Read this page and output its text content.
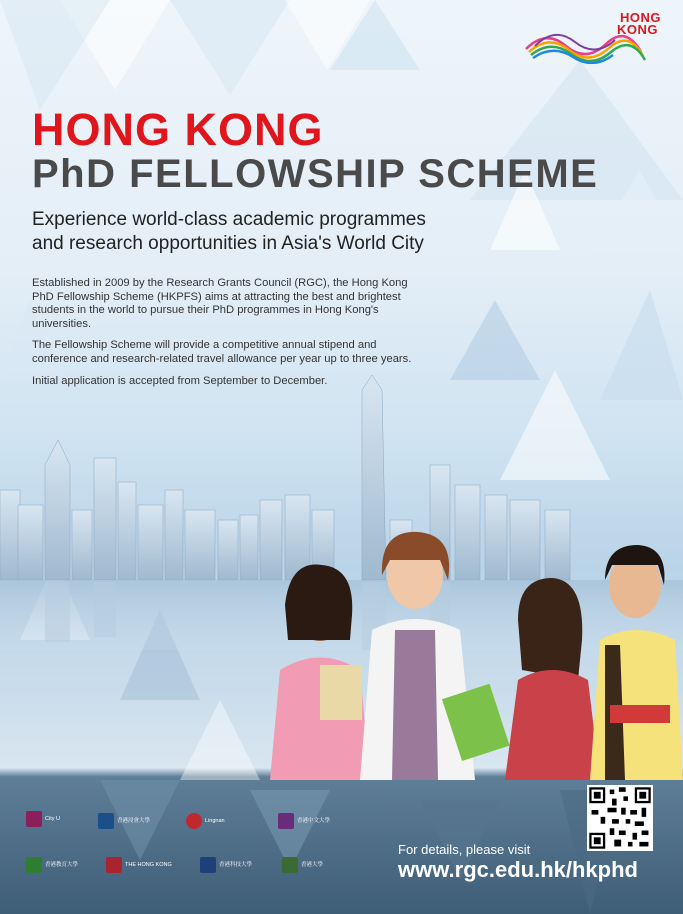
HONG
KONG
HONG KONG
PhD FELLOWSHIP SCHEME
Experience world-class academic programmes
and research opportunities in Asia's World City

Established in 2009 by the Research Grants Council (RGC), the Hong Kong PhD Fellowship Scheme (HKPFS) aims at attracting the best and brightest students in the world to pursue their PhD programmes in Hong Kong's universities.

The Fellowship Scheme will provide a competitive annual stipend and conference and research-related travel allowance per year up to three years.

Initial application is accepted from September to December.

City U	香港浸會大學	Lingnan	香港中文大學
香港教育大學	THE HONG KONG	香港科技大學	香港大學

For details, please visit

www.rgc.edu.hk/hkphd
